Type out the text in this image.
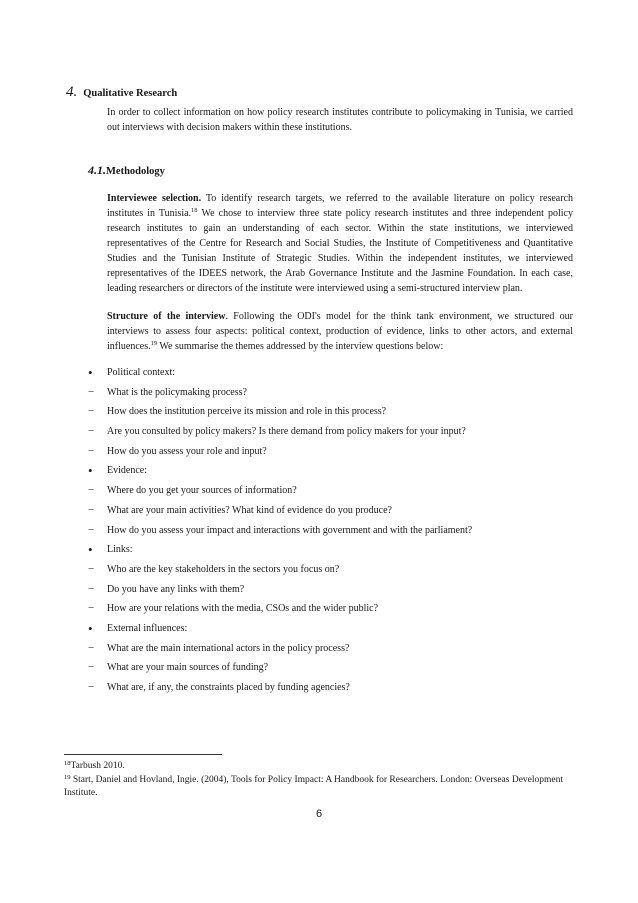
4. Qualitative Research
In order to collect information on how policy research institutes contribute to policymaking in Tunisia, we carried out interviews with decision makers within these institutions.
4.1.Methodology
Interviewee selection. To identify research targets, we referred to the available literature on policy research institutes in Tunisia.$^{18}$ We chose to interview three state policy research institutes and three independent policy research institutes to gain an understanding of each sector. Within the state institutions, we interviewed representatives of the Centre for Research and Social Studies, the Institute of Competitiveness and Quantitative Studies and the Tunisian Institute of Strategic Studies. Within the independent institutes, we interviewed representatives of the IDEES network, the Arab Governance Institute and the Jasmine Foundation. In each case, leading researchers or directors of the institute were interviewed using a semi-structured interview plan.
Structure of the interview. Following the ODI's model for the think tank environment, we structured our interviews to assess four aspects: political context, production of evidence, links to other actors, and external influences.$^{19}$ We summarise the themes addressed by the interview questions below:
•	Political context:
−	What is the policymaking process?
−	How does the institution perceive its mission and role in this process?
−	Are you consulted by policy makers? Is there demand from policy makers for your input?
−	How do you assess your role and input?
•	Evidence:
−	Where do you get your sources of information?
−	What are your main activities? What kind of evidence do you produce?
−	How do you assess your impact and interactions with government and with the parliament?
•	Links:
−	Who are the key stakeholders in the sectors you focus on?
−	Do you have any links with them?
−	How are your relations with the media, CSOs and the wider public?
•	External influences:
−	What are the main international actors in the policy process?
−	What are your main sources of funding?
−	What are, if any, the constraints placed by funding agencies?
$^{18}$Tarbush 2010.
$^{19}$ Start, Daniel and Hovland, Ingie. (2004), Tools for Policy Impact: A Handbook for Researchers. London: Overseas Development Institute.
6
